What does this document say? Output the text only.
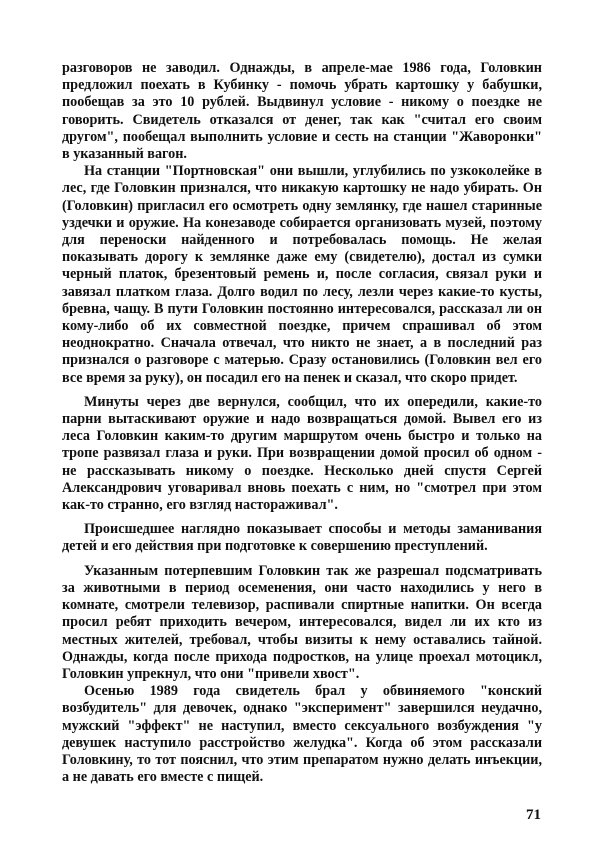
разговоров не заводил. Однажды, в апреле-мае 1986 года, Головкин предложил поехать в Кубинку - помочь убрать картошку у бабушки, пообещав за это 10 рублей. Выдвинул условие - никому о поездке не говорить. Свидетель отказался от денег, так как "считал его своим другом", пообещал выполнить условие и сесть на станции "Жаворонки" в указанный вагон.

На станции "Портновская" они вышли, углубились по узкоколейке в лес, где Головкин признался, что никакую картошку не надо убирать. Он (Головкин) пригласил его осмотреть одну землянку, где нашел старинные уздечки и оружие. На конезаводе собирается организовать музей, поэтому для переноски найденного и потребовалась помощь. Не желая показывать дорогу к землянке даже ему (свидетелю), достал из сумки черный платок, брезентовый ремень и, после согласия, связал руки и завязал платком глаза. Долго водил по лесу, лезли через какие-то кусты, бревна, чащу. В пути Головкин постоянно интересовался, рассказал ли он кому-либо об их совместной поездке, причем спрашивал об этом неоднократно. Сначала отвечал, что никто не знает, а в последний раз признался о разговоре с матерью. Сразу остановились (Головкин вел его все время за руку), он посадил его на пенек и сказал, что скоро придет.

Минуты через две вернулся, сообщил, что их опередили, какие-то парни вытаскивают оружие и надо возвращаться домой. Вывел его из леса Головкин каким-то другим маршрутом очень быстро и только на тропе развязал глаза и руки. При возвращении домой просил об одном - не рассказывать никому о поездке. Несколько дней спустя Сергей Александрович уговаривал вновь поехать с ним, но "смотрел при этом как-то странно, его взгляд настораживал".

Происшедшее наглядно показывает способы и методы заманивания детей и его действия при подготовке к совершению преступлений.

Указанным потерпевшим Головкин так же разрешал подсматривать за животными в период осеменения, они часто находились у него в комнате, смотрели телевизор, распивали спиртные напитки. Он всегда просил ребят приходить вечером, интересовался, видел ли их кто из местных жителей, требовал, чтобы визиты к нему оставались тайной. Однажды, когда после прихода подростков, на улице проехал мотоцикл, Головкин упрекнул, что они "привели хвост".

Осенью 1989 года свидетель брал у обвиняемого "конский возбудитель" для девочек, однако "эксперимент" завершился неудачно, мужский "эффект" не наступил, вместо сексуального возбуждения "у девушек наступило расстройство желудка". Когда об этом рассказали Головкину, то тот пояснил, что этим препаратом нужно делать инъекции, а не давать его вместе с пищей.

71
